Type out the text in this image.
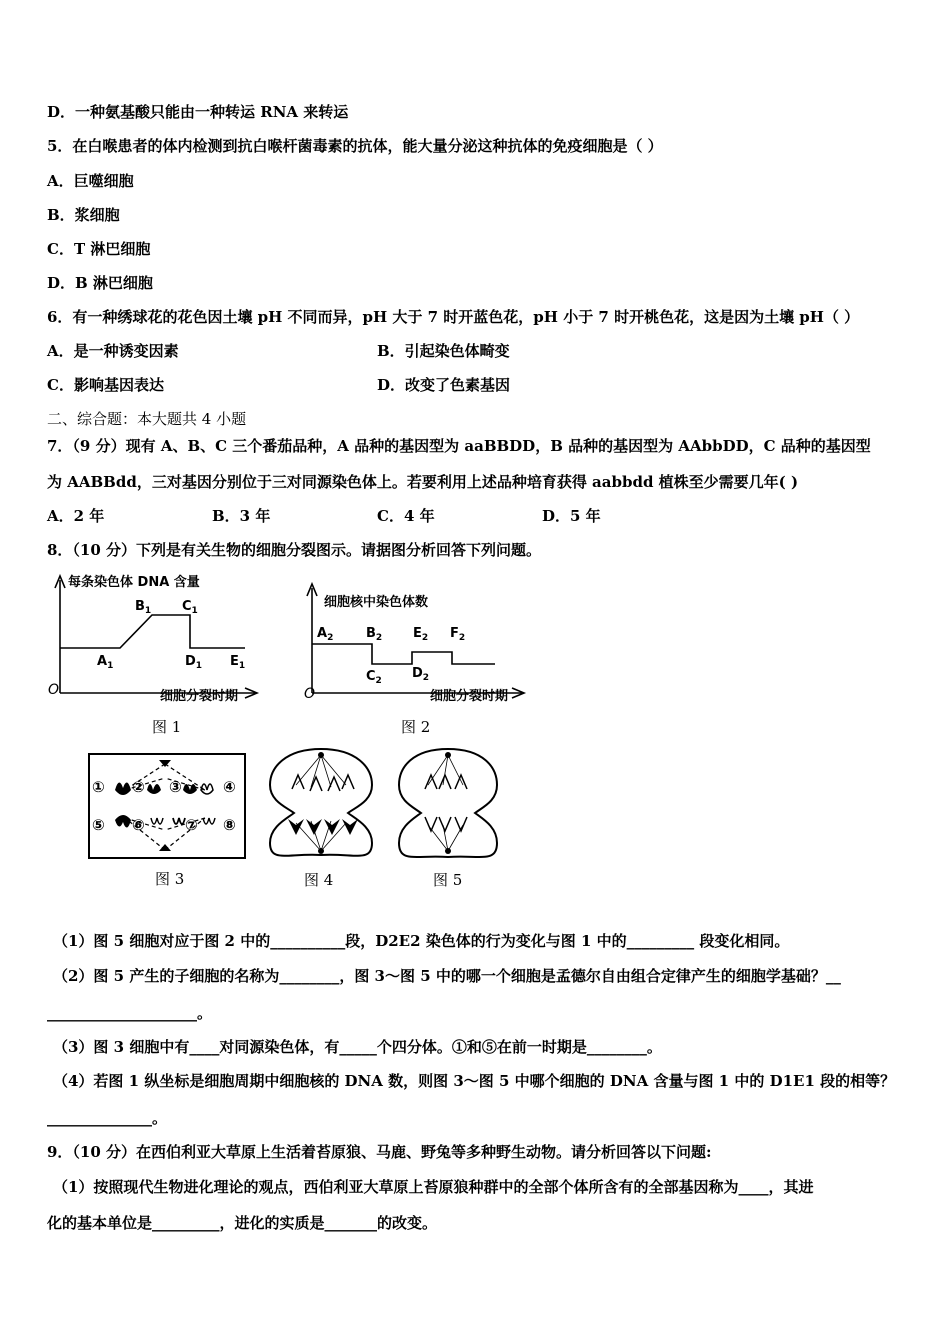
D．一种氨基酸只能由一种转运 RNA 来转运
5．在白喉患者的体内检测到抗白喉杆菌毒素的抗体，能大量分泌这种抗体的免疫细胞是（ ）
A．巨噬细胞
B．浆细胞
C．T 淋巴细胞
D．B 淋巴细胞
6．有一种绣球花的花色因土壤 pH 不同而异，pH 大于 7 时开蓝色花，pH 小于 7 时开桃色花，这是因为土壤 pH（ ）
A．是一种诱变因素	B．引起染色体畸变
C．影响基因表达	D．改变了色素基因
二、综合题：本大题共 4 小题
7．（9 分）现有 A、B、C 三个番茄品种，A 品种的基因型为 aaBBDD，B 品种的基因型为 AAbbDD，C 品种的基因型
为 AABBdd，三对基因分别位于三对同源染色体上。若要利用上述品种培育获得 aabbdd 植株至少需要几年( )
A．2 年	B．3 年	C．4 年	D．5 年
8．（10 分）下列是有关生物的细胞分裂图示。请据图分析回答下列问题。
每条染色体 DNA 含量
O	细胞分裂时期
$A_1$
$B_1$ $C_1$
$D_1$ $E_1$
图 1
细胞核中染色体数
O	细胞分裂时期
$A_2$	$B_2$
$C_2$ $D_2$
$E_2$ $F_2$
图 2
① ② ③	④
⑤ ⑥	⑦ ⑧
图 3	图 4	图 5
（1）图 5 细胞对应于图 2 中的__________段，D2E2 染色体的行为变化与图 1 中的_________ 段变化相同。
（2）图 5 产生的子细胞的名称为________，图 3～图 5 中的哪一个细胞是孟德尔自由组合定律产生的细胞学基础？__
____________________。
（3）图 3 细胞中有____对同源染色体，有_____个四分体。①和⑤在前一时期是________。
（4）若图 1 纵坐标是细胞周期中细胞核的 DNA 数，则图 3～图 5 中哪个细胞的 DNA 含量与图 1 中的 D1E1 段的相等？
______________。
9．（10 分）在西伯利亚大草原上生活着苔原狼、马鹿、野兔等多种野生动物。请分析回答以下问题:
（1）按照现代生物进化理论的观点，西伯利亚大草原上苔原狼种群中的全部个体所含有的全部基因称为____，其进
化的基本单位是_________，进化的实质是_______的改变。
